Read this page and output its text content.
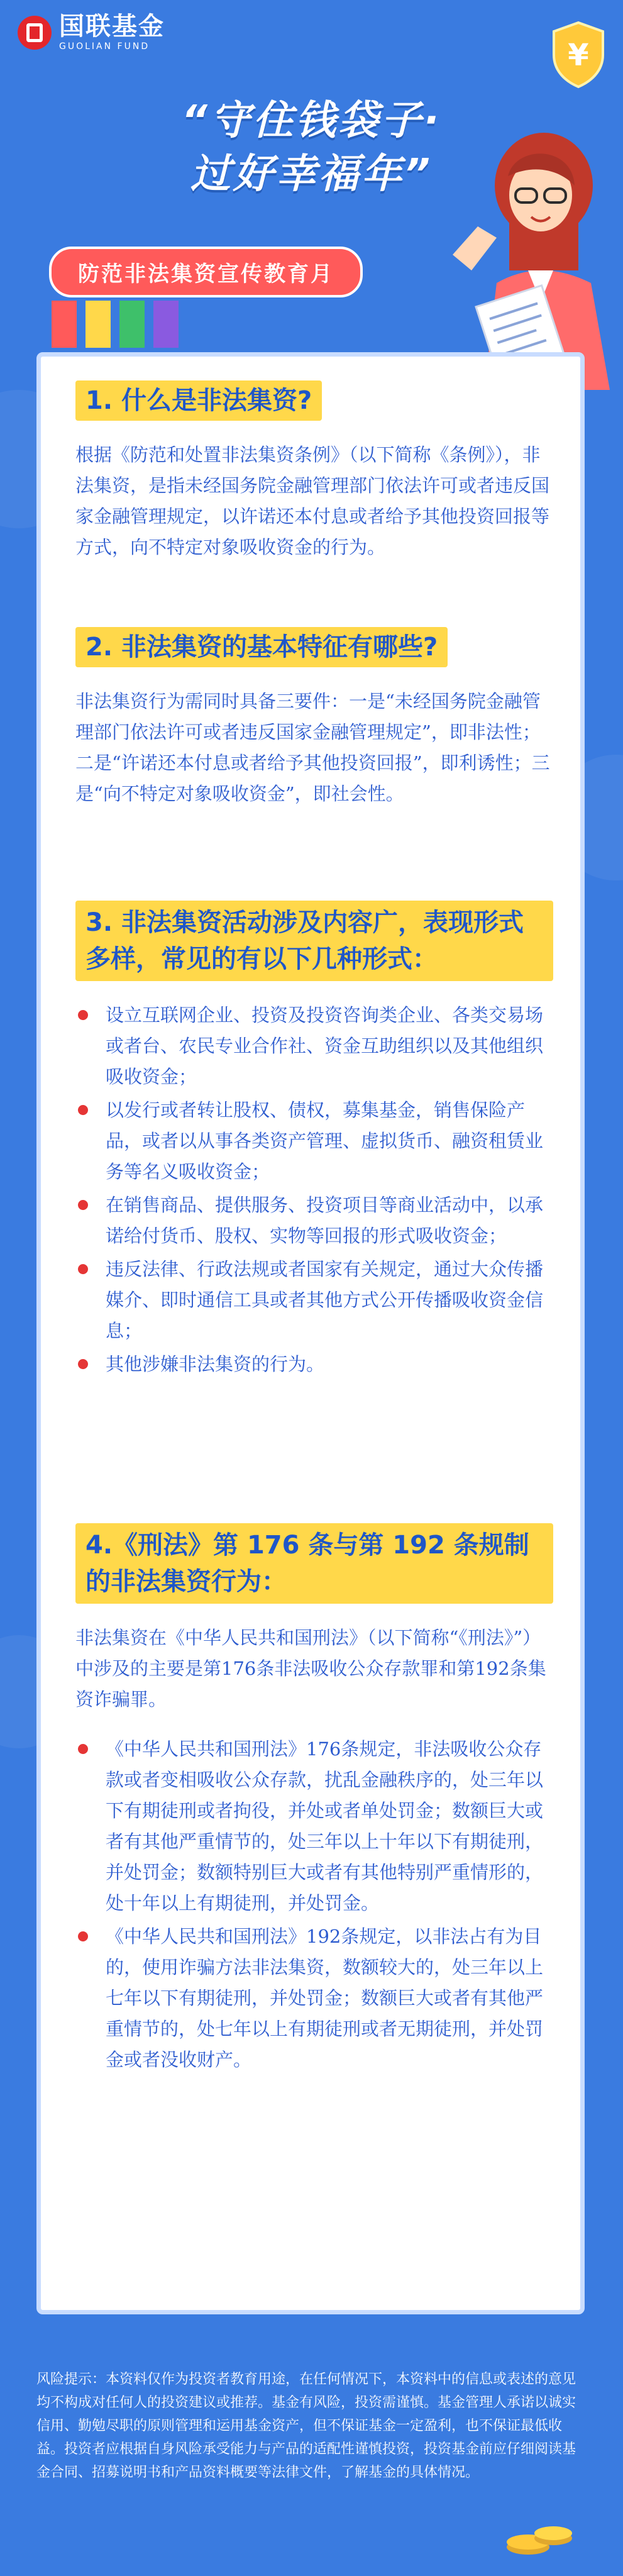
国联基金
GUOLIAN FUND	¥
“守住钱袋子·
过好幸福年”
防范非法集资宣传教育月
1. 什么是非法集资?
根据《防范和处置非法集资条例》（以下简称《条例》），非法集资，是指未经国务院金融管理部门依法许可或者违反国家金融管理规定，以许诺还本付息或者给予其他投资回报等方式，向不特定对象吸收资金的行为。
2. 非法集资的基本特征有哪些?
非法集资行为需同时具备三要件：一是“未经国务院金融管理部门依法许可或者违反国家金融管理规定”，即非法性；二是“许诺还本付息或者给予其他投资回报”，即利诱性；三是“向不特定对象吸收资金”，即社会性。
3. 非法集资活动涉及内容广，表现形式多样，常见的有以下几种形式：
设立互联网企业、投资及投资咨询类企业、各类交易场或者台、农民专业合作社、资金互助组织以及其他组织吸收资金；
以发行或者转让股权、债权，募集基金，销售保险产品，或者以从事各类资产管理、虚拟货币、融资租赁业务等名义吸收资金；
在销售商品、提供服务、投资项目等商业活动中，以承诺给付货币、股权、实物等回报的形式吸收资金；
违反法律、行政法规或者国家有关规定，通过大众传播媒介、即时通信工具或者其他方式公开传播吸收资金信息；
其他涉嫌非法集资的行为。
4.《刑法》第 176 条与第 192 条规制的非法集资行为：
非法集资在《中华人民共和国刑法》（以下简称“《刑法》”）中涉及的主要是第176条非法吸收公众存款罪和第192条集资诈骗罪。
《中华人民共和国刑法》176条规定，非法吸收公众存款或者变相吸收公众存款，扰乱金融秩序的，处三年以下有期徒刑或者拘役，并处或者单处罚金；数额巨大或者有其他严重情节的，处三年以上十年以下有期徒刑，并处罚金；数额特别巨大或者有其他特别严重情形的，处十年以上有期徒刑，并处罚金。
《中华人民共和国刑法》192条规定，以非法占有为目的，使用诈骗方法非法集资，数额较大的，处三年以上七年以下有期徒刑，并处罚金；数额巨大或者有其他严重情节的，处七年以上有期徒刑或者无期徒刑，并处罚金或者没收财产。
风险提示：本资料仅作为投资者教育用途，在任何情况下，本资料中的信息或表述的意见均不构成对任何人的投资建议或推荐。基金有风险，投资需谨慎。基金管理人承诺以诚实信用、勤勉尽职的原则管理和运用基金资产，但不保证基金一定盈利，也不保证最低收益。投资者应根据自身风险承受能力与产品的适配性谨慎投资，投资基金前应仔细阅读基金合同、招募说明书和产品资料概要等法律文件，了解基金的具体情况。
